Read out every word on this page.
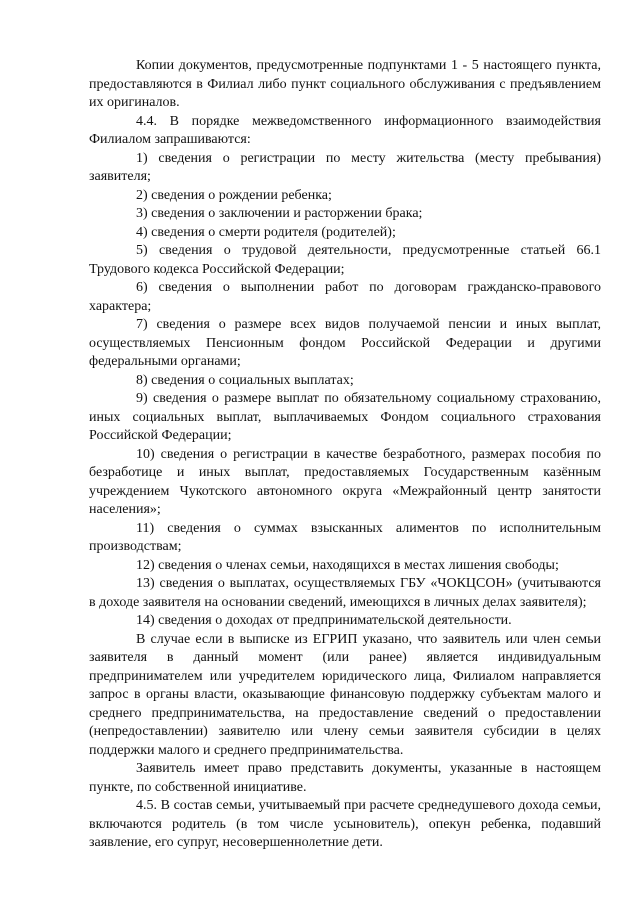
Копии документов, предусмотренные подпунктами 1 - 5 настоящего пункта, предоставляются в Филиал либо пункт социального обслуживания с предъявлением их оригиналов.

4.4. В порядке межведомственного информационного взаимодействия Филиалом запрашиваются:

1) сведения о регистрации по месту жительства (месту пребывания) заявителя;

2) сведения о рождении ребенка;

3) сведения о заключении и расторжении брака;

4) сведения о смерти родителя (родителей);

5) сведения о трудовой деятельности, предусмотренные статьей 66.1 Трудового кодекса Российской Федерации;

6) сведения о выполнении работ по договорам гражданско-правового характера;

7) сведения о размере всех видов получаемой пенсии и иных выплат, осуществляемых Пенсионным фондом Российской Федерации и другими федеральными органами;

8) сведения о социальных выплатах;

9) сведения о размере выплат по обязательному социальному страхованию, иных социальных выплат, выплачиваемых Фондом социального страхования Российской Федерации;

10) сведения о регистрации в качестве безработного, размерах пособия по безработице и иных выплат, предоставляемых Государственным казённым учреждением Чукотского автономного округа «Межрайонный центр занятости населения»;

11) сведения о суммах взысканных алиментов по исполнительным производствам;

12) сведения о членах семьи, находящихся в местах лишения свободы;

13) сведения о выплатах, осуществляемых ГБУ «ЧОКЦСОН» (учитываются в доходе заявителя на основании сведений, имеющихся в личных делах заявителя);

14) сведения о доходах от предпринимательской деятельности.

В случае если в выписке из ЕГРИП указано, что заявитель или член семьи заявителя в данный момент (или ранее) является индивидуальным предпринимателем или учредителем юридического лица, Филиалом направляется запрос в органы власти, оказывающие финансовую поддержку субъектам малого и среднего предпринимательства, на предоставление сведений о предоставлении (непредоставлении) заявителю или члену семьи заявителя субсидии в целях поддержки малого и среднего предпринимательства.

Заявитель имеет право представить документы, указанные в настоящем пункте, по собственной инициативе.

4.5. В состав семьи, учитываемый при расчете среднедушевого дохода семьи, включаются родитель (в том числе усыновитель), опекун ребенка, подавший заявление, его супруг, несовершеннолетние дети.
